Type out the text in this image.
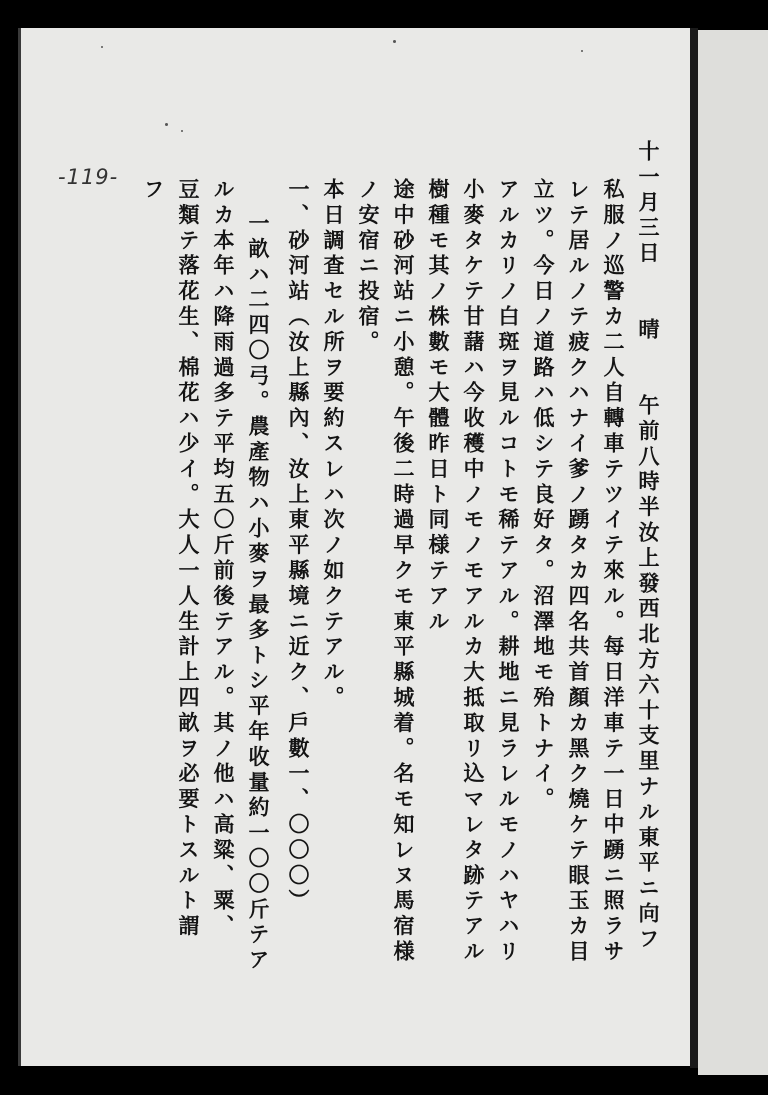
-119-	十一月三日　　晴　　午前八時半汝上發西北方六十支里ナル東平ニ向フ
私服ノ巡警カ二人自轉車テツイテ來ル。每日洋車テ一日中踴ニ照ラサ
レテ居ルノテ疲クハナイ爹ノ踴タカ四名共首顏カ黑ク燒ケテ眼玉カ目
立ツ。今日ノ道路ハ低シテ良好タ。沼澤地モ殆トナイ。
アルカリノ白斑ヲ見ルコトモ稀テアル。耕地ニ見ラレルモノハヤハリ
小麥タケテ甘藷ハ今收穫中ノモノモアルカ大抵取リ込マレタ跡テアル
樹種モ其ノ株數モ大體昨日ト同様テアル
途中砂河站ニ小憩。午後二時過早クモ東平縣城着。名モ知レヌ馬宿様
ノ安宿ニ投宿。
本日調査セル所ヲ要約スレハ次ノ如クテアル。
一、砂河站（汝上縣內、汝上東平縣境ニ近ク、戶數一、〇〇〇）
一畝ハ二四〇弓。農產物ハ小麥ヲ最多トシ平年收量約一〇〇斤テア
ルカ本年ハ降雨過多テ平均五〇斤前後テアル。其ノ他ハ高粱、粟、
豆類テ落花生、棉花ハ少イ。大人一人生計上四畝ヲ必要トスルト謂
フ
